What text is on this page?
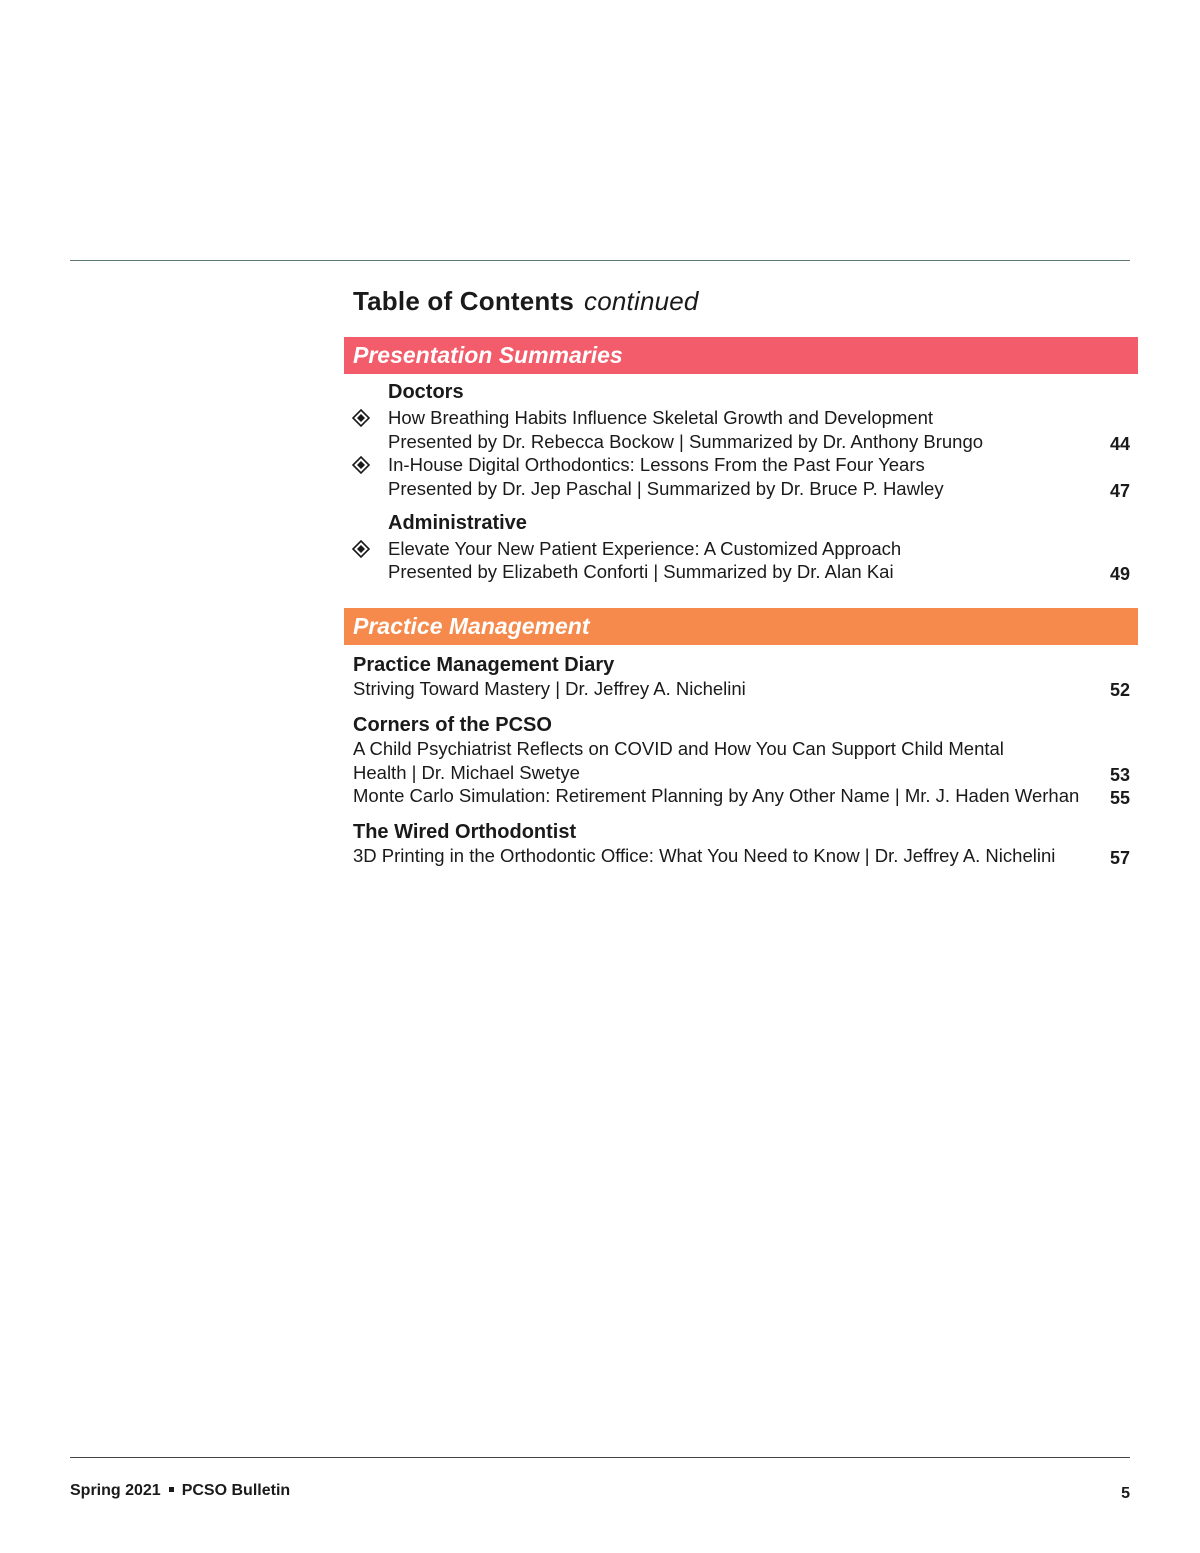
Table of Contents continued
Presentation Summaries
Doctors
How Breathing Habits Influence Skeletal Growth and Development
Presented by Dr. Rebecca Bockow | Summarized by Dr. Anthony Brungo	44
In-House Digital Orthodontics: Lessons From the Past Four Years
Presented by Dr. Jep Paschal | Summarized by Dr. Bruce P. Hawley	47
Administrative
Elevate Your New Patient Experience: A Customized Approach
Presented by Elizabeth Conforti | Summarized by Dr. Alan Kai	49
Practice Management
Practice Management Diary
Striving Toward Mastery | Dr. Jeffrey A. Nichelini	52
Corners of the PCSO
A Child Psychiatrist Reflects on COVID and How You Can Support Child Mental
Health | Dr. Michael Swetye	53
Monte Carlo Simulation: Retirement Planning by Any Other Name | Mr. J. Haden Werhan 55
The Wired Orthodontist
3D Printing in the Orthodontic Office: What You Need to Know | Dr. Jeffrey A. Nichelini	57
Spring 2021 PCSO Bulletin	5
